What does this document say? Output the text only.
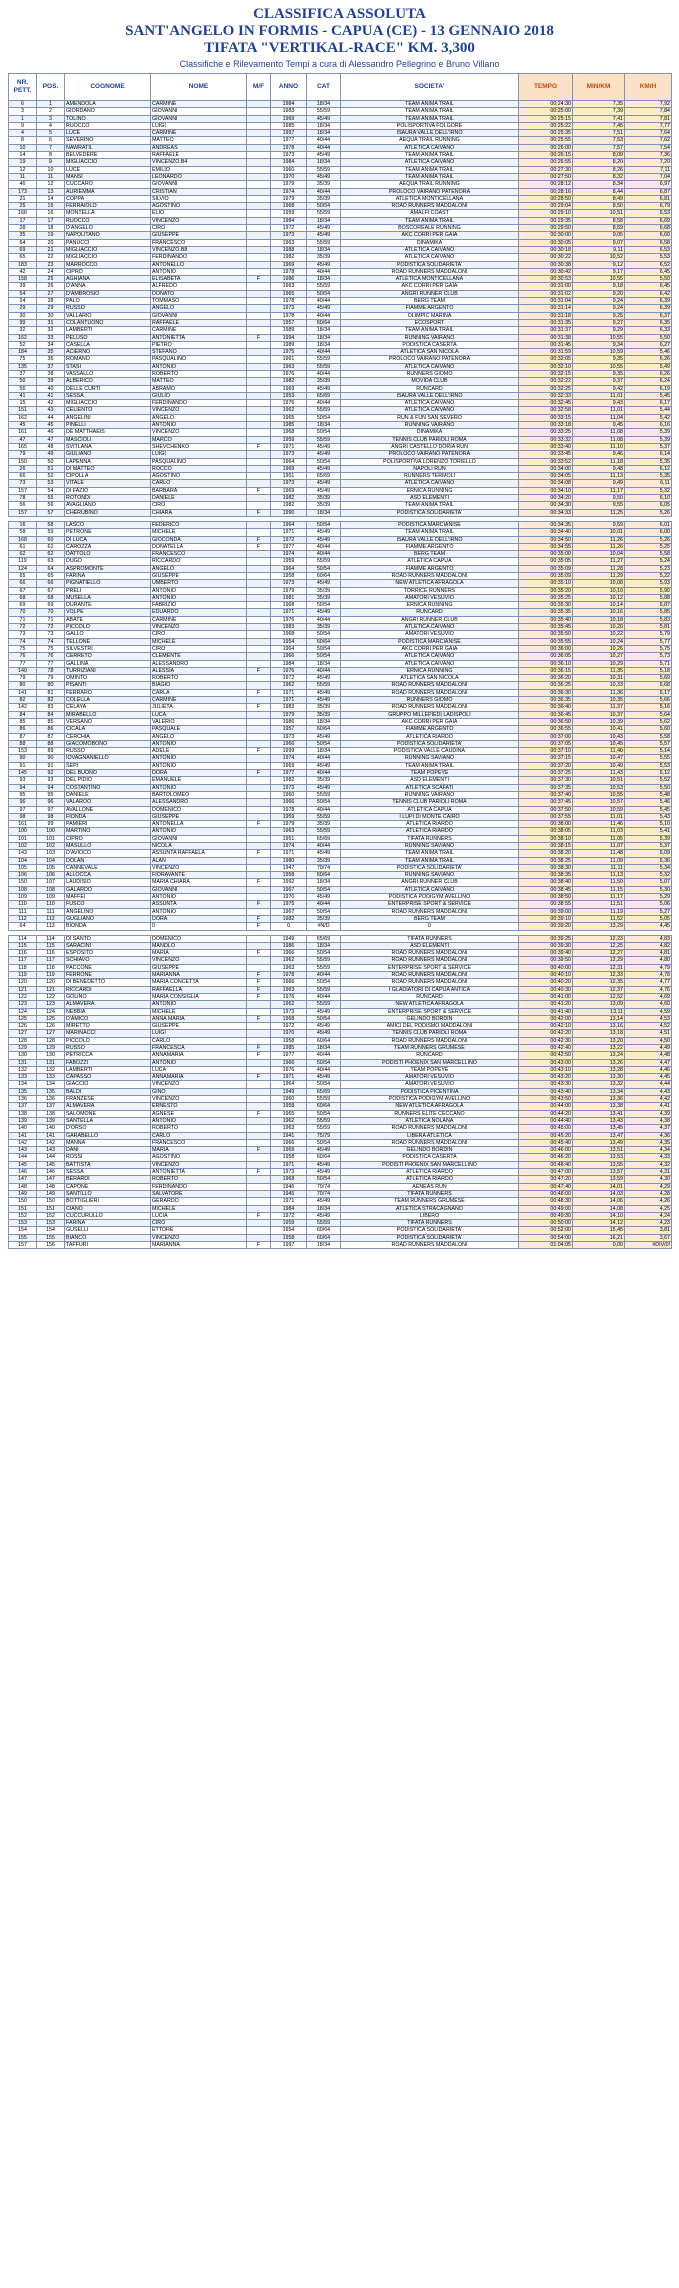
CLASSIFICA ASSOLUTA
SANT'ANGELO IN FORMIS - CAPUA (CE) - 13 GENNAIO 2018
TIFATA "VERTIKAL-RACE" KM. 3,300
Classifiche e Rilevamento Tempi a cura di Alessandro Pellegrino e Bruno Villano
NR. PETT.	POS.	COGNOME	NOME	M/F	ANNO	CAT	SOCIETA'	TEMPO	MIN/KM	KM/H
6	1	AMENDOLA	CARMINE		1984	18/34	TEAM ANIMA TRAIL	00:24:30	7,35	7,92
3	2	GIORDANO	GIOVANNI		1983	55/59	TEAM ANIMA TRAIL	00:25:00	7,39	7,84
1	3	TOLINO	GIOVANNI		1969	45/49	TEAM ANIMA TRAIL	00:25:15	7,41	7,81
9	4	RUOCCO	LUIGI		1985	18/34	POLISPORTIVA FOLGORE	00:25:22	7,45	7,77
4	5	LUCE	CARMINE		1997	18/34	ISAURA VALLE DELL'IRNO	00:25:35	7,51	7,64
8	6	SEVERINO	MATTEO		1977	40/44	AEQUA TRAIL RUNNING	00:25:55	7,53	7,62
10	7	NAWRATIL	ANDREAS		1978	40/44	ATLETICA CAIVANO	00:26:00	7,57	7,54
14	8	BELVEDERE	RAFFAELE		1973	45/49	TEAM ANIMA TRAIL	00:26:15	8,09	7,36
19	9	MIGLIACCIO	VINCENZO.B4		1984	18/34	ATLETICA CAIVANO	00:26:55	8,20	7,20
12	10	LUCE	EMILIO		1960	55/59	TEAM ANIMA TRAIL	00:27:30	8,26	7,11
11	11	MANSI	LEONARDO		1970	45/49	TEAM ANIMA TRAIL	00:27:50	8,32	7,04
46	12	CUCCARO	GIOVANNI		1979	35/39	AEQUA TRAIL RUNNING	00:28:12	8,34	6,97
173	13	AURIEMMA	CRISTIAN		1974	40/44	PROLOCO VAIRANO PATENORA	00:28:16	8,44	6,87
21	14	COPPA	SILVIO		1979	35/39	ATLETICA MONTICELLANA	00:28:50	8,49	6,81
25	15	FERRAIOLO	AGOSTINO		1968	50/54	ROAD RUNNERS MADDALONI	00:29:04	8,50	6,79
166	16	MONTELLA	ELIO		1959	55/59	AMALFI COAST	00:29:10	10,51	5,53
17	17	RUOCCO	VINCENZO		1984	18/34	TEAM ANIMA TRAIL	00:29:35	8,58	6,69
28	18	D'ANGELO	CIRO		1972	45/49	BOSCOREALE RUNNING	00:29:50	8,59	6,68
35	19	NAPOLITANO	GIUSEPPE		1973	45/49	AKC CORRI PER GAIA	00:30:00	9,05	6,60
64	20	PANUCCI	FRANCESCO		1963	55/59	DINAMIKA	00:30:05	9,07	6,58
69	21	MIGLIACCIO	VINCENZO.B8		1988	18/34	ATLETICA CAIVANO	00:30:18	9,11	6,53
65	22	MIGLIACCIO	FERDINANDO		1982	35/39	ATLETICA CAIVANO	00:30:22	10,52	5,53
183	23	MARROCCO	ANTONELLO		1969	45/49	PODISTICA SOLIDARIETA'	00:30:38	9,12	6,52
42	24	CIPRO	ANTONIO		1978	40/44	ROAD RUNNERS MADDALONI	00:30:42	9,17	6,45
158	25	AGHIANA	ELISABETA	F	1986	18/34	ATLETICA MONTICELLANA	00:30:53	10,55	5,50
39	26	D'ANNA	ALFREDO		1963	55/59	AKC CORRI PER GAIA	00:31:00	9,18	6,45
54	27	D'AMBROSIO	DONATO		1965	50/54	ANGRI RUNNER CLUB	00:31:02	9,20	6,42
24	28	PALO	TOMMASO		1978	40/44	BERG TEAM	00:31:04	9,24	6,39
29	29	RUSSO	ANGELO		1973	45/49	FIAMME ARGENTO	00:31:14	9,24	6,39
30	30	VALLARIO	GIOVANNI		1978	40/44	OLIMPIC MARINA	00:31:18	9,25	6,37
99	31	COLANTUONO	RAFFAELE		1957	60/64	ECOSPORT	00:31:35	9,27	6,35
32	32	LAMBERTI	CARMINE		1989	18/34	TEAM ANIMA TRAIL	00:31:37	9,29	6,33
162	33	PELUSO	ANTONIETTA	F	1994	18/34	RUNNING VAIRANO	00:31:38	10,55	5,50
52	34	CASELLA	PIETRO		1989	18/34	PODISTICA CASERTA	00:31:45	9,34	6,27
184	35	ACIERNO	STEFANO		1975	40/44	ATLETICA SAN NICOLA	00:31:59	10,59	5,46
75	36	ROMANO	PASQUALINO		1961	55/59	PROLOCO VAIRANO PATENORA	00:32:05	9,35	6,26
135	37	STASI	ANTONIO		1963	55/59	ATLETICA CAIVANO	00:32:10	10,55	5,49
37	38	VASSALLO	ROBERTO		1976	40/44	RUNNERS GIOMO	00:32:15	9,35	6,26
50	39	ALBERICO	MATTEO		1982	35/39	MOVIDA CLUB	00:32:22	9,37	6,24
56	40	DELLE CURTI	ABRAMO		1969	45/49	RUNCARD	00:32:25	9,42	6,19
41	41	SESSA	GIULIO		1953	65/69	ISAURA VALLE DELL'IRNO	00:32:33	11,01	5,45
15	42	MIGLIACCIO	FERDINANDO		1976	40/44	ATLETICA CAIVANO	00:32:45	9,43	6,17
151	43	CELIENTO	VINCENZO		1962	55/59	ATLETICA CAIVANO	00:32:58	11,01	5,44
162	44	ANGELINI	ANGELO		1965	50/54	RUN & FUN SAN SEVERO	00:33:15	11,04	5,42
45	45	PINELLI	ANTONIO		1985	18/34	RUNNING VAIRANO	00:33:18	9,45	6,16
161	46	DE MATTHAEIS	VINCENZO		1968	50/54	DINAMIKA	00:33:25	11,08	5,39
47	47	MASCIOLI	MARCO		1959	55/59	TENNIS CLUB PARIOLI ROMA	00:33:32	11,08	5,39
165	48	SVITLANA	SHEVCHENKO	F	1971	45/49	ANGRI CASTELLO DORIA RUN	00:33:40	11,10	5,37
79	49	GIULIANO	LUIGI		1973	45/49	PROLOCO VAIRANO PATENORA	00:33:45	9,46	6,14
150	50	LAPENNA	PASQUALINO		1964	50/54	POLISPORTIVA LORENZO TORIELLO	00:33:52	11,18	5,35
26	51	DI MATTEO	ROCCO		1969	45/49	NAPOLI RUN	00:34:00	9,48	6,12
66	52	CIPOLLA	AGOSTINO		1951	65/69	RUNNERS TERMOLI	00:34:05	11,13	5,35
73	53	VITALE	CARLO		1973	45/49	ATLETICA CAIVANO	00:34:08	9,49	6,11
157	54	DI FAZIO	BARBARA	F	1969	45/49	ERNICA RUNNING	00:34:10	11,17	5,32
78	55	ROTONDI	DANIELE		1982	35/39	ASD ELEMENTI	00:34:20	9,50	6,10
56	56	AVAGLIANO	CIRO		1982	35/39	TEAM ANIMA TRAIL	00:34:30	9,55	6,05
157	57	CHERUBINO	CHIARA	F	1990	18/34	PODISTICA SOLIDARIETA'	00:34:33	11,25	5,26

16	58	LASCO	FEDERICO		1964	50/54	PODISTICA MARCIANISE	00:34:35	9,59	6,01
58	59	PETRONE	MICHELE		1971	45/49	TEAM ANIMA TRAIL	00:34:40	10,01	6,00
168	60	DI LUCA	GIOCONDA	F	1972	45/49	ISAURA VALLE DELL'IRNO	00:34:50	11,26	5,26
61	61	CAROZZA	DONATELLA	F	1977	40/44	FIAMME ARGENTO	00:34:55	11,26	5,25
62	62	DATTOLO	FRANCESCO		1974	40/44	BERG TEAM	00:35:00	10,04	5,58
119	63	DUGO	RICCARDO		1959	55/59	ATLETICA CAPUA	00:35:05	11,27	5,24
124	64	ASPROMONTE	ANGELO		1964	50/54	FIAMME ARGENTO	00:35:09	11,28	5,23
65	65	FARINA	GIUSEPPE		1958	60/64	ROAD RUNNERS MADDALONI	00:35:09	11,29	5,22
66	66	PIGNATIELLO	UMBERTO		1973	45/49	NEW ATLETICA AFRAGOLA	00:35:10	10,08	5,93
67	67	PRELI	ANTONIO		1979	35/39	TORRICE RUNNERS	00:35:20	10,10	5,90
68	68	MUSELLA	ANTONIO		1981	35/39	AMATORI VESUVIO	00:35:25	10,12	5,88
69	69	DURANTE	FABRIZIO		1968	50/54	ERNICA RUNNING	00:35:30	10,14	5,87
70	70	VOLPE	EDUARDO		1971	45/49	RUNCARD	00:35:35	10,16	5,85
71	71	ABATE	CARMINE		1976	40/44	ANGRI RUNNER CLUB	00:35:40	10,18	5,83
72	72	PICCOLO	VINCENZO		1983	35/39	ATLETICA CAIVANO	00:35:45	10,20	5,81
73	73	GALLO	CIRO		1968	50/54	AMATORI VESUVIO	00:35:50	10,22	5,79
74	74	TELLONE	MICHELE		1954	60/64	PODISTICA MARCIANISE	00:35:55	10,24	5,77
75	75	SILVESTRI	CIRO		1964	50/54	AKC CORRI PER GAIA	00:36:00	10,26	5,75
76	76	CERRETO	CLEMENTE		1966	50/54	ATLETICA CAIVANO	00:36:05	10,27	5,73
77	77	GALLINA	ALESSANDRO		1984	18/34	ATLETICA CAIVANO	00:36:10	10,29	5,71
140	78	TURRIZIANI	ALESSIA	F	1976	40/44	ERNICA RUNNING	00:36:15	11,35	5,18
79	79	OMINTO	ROBERTO		1972	45/49	ATLETICA SAN NICOLA	00:36:20	10,31	5,69
80	80	PISANTI	BIAGIO		1962	55/59	ROAD RUNNERS MADDALONI	00:36:25	10,33	5,68
141	81	FERRARO	CARLA	F	1971	45/49	ROAD RUNNERS MADDALONI	00:36:30	11,36	5,17
82	82	COLELLA	CARMINE		1971	45/49	RUNNERS GIOMO	00:36:35	10,35	5,66
142	83	CELAYA	JULIETA	F	1983	35/39	ROAD RUNNERS MADDALONI	00:36:40	11,37	5,16
84	84	MIRABELLO	LUCA		1979	35/39	GRUPPO MILLEPIEDI LADISPOLI	00:36:45	10,37	5,64
85	85	VERSANO	VALERIO		1986	18/34	AKC CORRI PER GAIA	00:36:50	10,39	5,62
86	86	CICALA	PASQUALE		1957	60/64	FIAMME ARGENTO	00:36:55	10,41	5,60
87	87	CERCHIA	ANGELO		1973	45/49	ATLETICA RIARDO	00:37:00	10,43	5,58
88	88	GIACOMOBONO	ANTONIO		1966	50/54	PODISTICA SOLIDARIETA'	00:37:05	10,45	5,57
153	89	RUSSO	ADELE	F	1999	18/34	PODISTICA VALLE CAUDINA	00:37:10	11,40	5,14
90	90	IOVAGNANIELLO	ANTONIO		1974	40/44	RUNNING SAVIANO	00:37:15	10,47	5,55
91	91	SEPI	ANTONIO		1969	45/49	TEAM ANIMA TRAIL	00:37:20	10,49	5,53
145	92	DEL BUONO	DORA	F	1977	40/44	TEAM POPEYE	00:37:25	11,43	5,12
93	93	DEL PIDIO	EMANUELE		1982	35/39	ASD ELEMENTI	00:37:30	10,51	5,52
94	94	COSTANTINO	ANTONIO		1973	45/49	ATLETICA SCAFATI	00:37:35	10,53	5,50
95	95	DANIELE	BARTOLOMEO		1960	55/59	RUNNING VAIRANO	00:37:40	10,55	5,48
96	96	VALAROO	ALESSANDRO		1966	50/54	TENNIS CLUB PARIOLI ROMA	00:37:45	10,57	5,46
97	97	AVALLONE	DOMENICO		1978	40/44	ATLETICA CAPUA	00:37:50	10,59	5,45
98	98	FIONDA	GIUSEPPE		1959	55/59	I LUPI DI MONTE CAIRO	00:37:55	11,01	5,43
161	99	PAMIERI	ANTONELLA	F	1979	35/39	ATLETICA RIARDO	00:38:00	11,46	5,10
100	100	MARTINO	ANTONIO		1963	55/59	ATLETICA RIARDO	00:38:05	11,03	5,41
101	101	CIPRO	GIOVANNI		1951	65/69	TIFATA RUNNERS	00:38:10	11,05	5,39
102	102	MASULLO	NICOLA		1974	40/44	RUNNING SAVIANO	00:38:15	11,07	5,37
143	103	D'AVIOCO	ASSUNTA RAFFAELA	F	1971	45/49	TEAM ANIMA TRAIL	00:38:20	11,48	5,09
104	104	DOLAN	ALAN		1980	35/39	TEAM ANIMA TRAIL	00:38:25	11,09	5,36
105	105	CANNEVALE	VINCENZO		1947	70/74	PODISTICA SOLIDARIETA'	00:38:30	11,11	5,34
106	106	ALLOCCA	FIORAVANTE		1958	60/64	RUNNING SAVIANO	00:38:35	11,13	5,32
150	107	LAUDISIO	MARIA CHIARA	F	1992	18/34	ANGRI RUNNER CLUB	00:38:40	11,50	5,07
108	108	GALARDO	GIOVANNI		1967	50/54	ATLETICA CAIVANO	00:38:45	11,15	5,30
109	109	MAFFEI	ANTONIO		1970	45/49	PODISTICA PODIGYM AVELLINO	00:38:50	11,17	5,29
110	110	FUSCO	ASSUNTA	F	1975	40/44	ENTERPRISE SPORT & SERVICE	00:38:55	11,51	5,06
111	111	ANGELINO	ANTONIO		1967	50/54	ROAD RUNNERS MADDALONI	00:39:00	11,19	5,27
112	112	GUGLIANO	DORA	F	1982	35/39	BERG TEAM	00:39:10	11,52	5,05
64	113	BIONDA	0	F	0	#N/D	0	00:39:20	13,29	4,45

114	114	DI SANTO	DOMENICO		1949	65/69	TIFATA RUNNERS	00:39:25	12,23	4,83
115	115	SARACINI	MANOLO		1986	18/34	ASD ELEMENTI	00:39:30	12,25	4,82
116	116	ESPOSITO	MARIA	F	1966	50/54	ROAD RUNNERS MADDALONI	00:39:40	12,27	4,81
117	117	SCHIAVO	VINCENZO		1962	55/59	ROAD RUNNERS MADDALONI	00:39:50	12,29	4,80
118	118	PACCONE	GIUSEPPE		1963	55/59	ENTERPRISE SPORT & SERVICE	00:40:00	12,31	4,79
119	119	FERRONE	MARIANNA	F	1978	40/44	ROAD RUNNERS MADDALONI	00:40:10	12,33	4,78
120	120	DI BENEDETTO	MARIA CONCETTA	F	1966	50/54	ROAD RUNNERS MADDALONI	00:40:20	12,35	4,77
121	121	RICCARDI	RAFFAELLA	F	1963	55/59	I GLADIATORI DI CAPUA ANTICA	00:40:30	12,37	4,76
122	122	GOLINO	MARIA CONSIGLIA	F	1976	40/44	RUNCARD	00:41:00	12,52	4,69
123	123	ALMAVERA	ANTONIO		1962	55/59	NEW ATLETICA AFRAGOLA	00:41:20	13,09	4,60
124	124	NEBBIA	MICHELE		1973	45/49	ENTERPRISE SPORT & SERVICE	00:41:40	13,11	4,59
125	125	D'AMICO	ANNA MARIA	F	1968	50/54	GELINDO BORDIN	00:42:00	13,14	4,53
126	126	MIRETTO	GIUSEPPE		1972	45/49	AMICI DEL PODISMO MADDALONI	00:42:10	13,16	4,52
127	127	MARINACCI	LUIGI		1970	45/49	TENNIS CLUB PARIOLI ROMA	00:42:20	13,18	4,51
128	128	PICCOLO	CARLO		1958	60/64	ROAD RUNNERS MADDALONI	00:42:30	13,20	4,50
129	129	RUSSO	FRANCESCA	F	1985	18/34	TEAM RUNNERS GRUMESE	00:42:40	13,22	4,49
130	130	PETRICCA	ANNAMARIA	F	1977	40/44	RUNCARD	00:42:50	13,24	4,48
131	131	FABOZZI	ANTONIO		1966	50/54	PODISTI PHOENIX SAN MARCELLINO	00:43:00	13,26	4,47
132	132	LAMBERTI	LUCA		1976	40/44	TEAM POPEYE	00:43:10	13,28	4,46
133	133	CAPASSO	ANNAMARIA	F	1971	45/49	AMATORI VESUVIO	00:43:20	13,30	4,45
134	134	GIACCIO	VINCENZO		1964	50/54	AMATORI VESUVIO	00:43:30	13,32	4,44
135	135	BALDI	GINO		1949	65/69	PODISTICA PICENTINA	00:43:40	13,34	4,43
136	136	FRANZESE	VINCENZO		1960	55/59	PODISTICA PODIGYM AVELLINO	00:43:50	13,36	4,42
137	137	ALMAVERA	ERNESTO		1958	60/64	NEW ATLETICA AFRAGOLA	00:44:00	13,38	4,41
138	138	SALOMONE	AGNESE	F	1965	50/54	RUNNERS ELITE CECCANO	00:44:20	13,41	4,39
139	139	SANTELLA	ANTONIO		1962	55/59	ATLETICA NOLANA	00:44:40	13,43	4,38
140	140	D'ORSO	ROBERTO		1963	55/59	ROAD RUNNERS MADDALONI	00:45:00	13,45	4,37
141	141	GARABELLO	CARLO		1941	75/79	LIBERA ATLETICA	00:45:20	13,47	4,36
142	142	MANNA	FRANCESCO		1966	50/54	ROAD RUNNERS MADDALONI	00:45:40	13,49	4,35
143	143	DANI	MARIA	F	1969	45/49	GELINDO BORDIN	00:46:00	13,51	4,34
144	144	ROSSI	AGOSTINO		1958	60/64	PODISTICA CASERTA	00:46:20	13,53	4,33
145	145	BATTISTA	VINCENZO		1971	45/49	PODISTI PHOENIX SAN MARCELLINO	00:46:40	13,55	4,32
146	146	SESSA	ANTONIETTA	F	1973	45/49	ATLETICA RIARDO	00:47:00	13,57	4,31
147	147	BERARDI	ROBERTO		1968	50/54	ATLETICA RIARDO	00:47:20	13,59	4,30
148	148	CAPONE	FERDINANDO		1946	70/74	AENEAS RUN	00:47:40	14,01	4,29
149	149	SANTILLO	SALVATORE		1945	70/74	TIFATA RUNNERS	00:48:00	14,03	4,28
150	150	BOTTIGLIERI	GERARDO		1971	45/49	TEAM RUNNERS GRUMESE	00:48:30	14,06	4,26
151	151	CIANO	MICHELE		1984	18/34	ATLETICA STRACAGNANO	00:49:00	14,08	4,25
152	152	CUCCURULLO	LUCIA	F	1972	45/49	LIBERO	00:49:30	14,10	4,24
153	153	FARINA	CIRO		1959	55/59	TIFATA RUNNERS	00:50:00	14,12	4,23
154	154	GUSELLI	ETTORE		1954	60/64	PODISTICA SOLIDARIETA'	00:52:00	15,45	3,81
155	155	BIANCO	VINCENZO		1958	60/64	PODISTICA SOLIDARIETA'	00:54:00	16,21	3,67
157	156	TAFFURI	MARIANNA	F	1997	18/34	ROAD RUNNERS MADDALONI	01:04:05	0,00	#DIV/0!
